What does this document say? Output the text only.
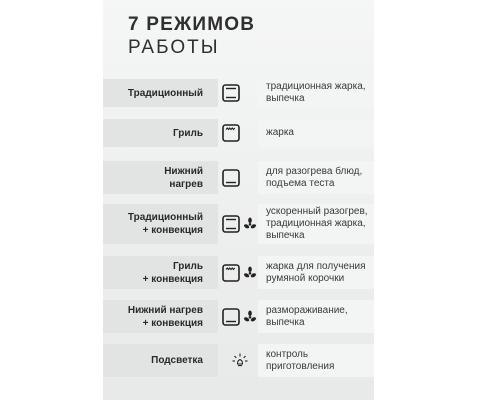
7 РЕЖИМОВ
РАБОТЫ
Традиционный
традиционная жарка,
выпечка
Гриль	жарка
Нижний
нагрев
для разогрева блюд,
подъема теста
Традиционный
+ конвекция
ускоренный разогрев,
традиционная жарка,
выпечка
Гриль
+ конвекция
жарка для получения
румяной корочки
Нижний нагрев
+ конвекция
размораживание,
выпечка
Подсветка
контроль
приготовления
